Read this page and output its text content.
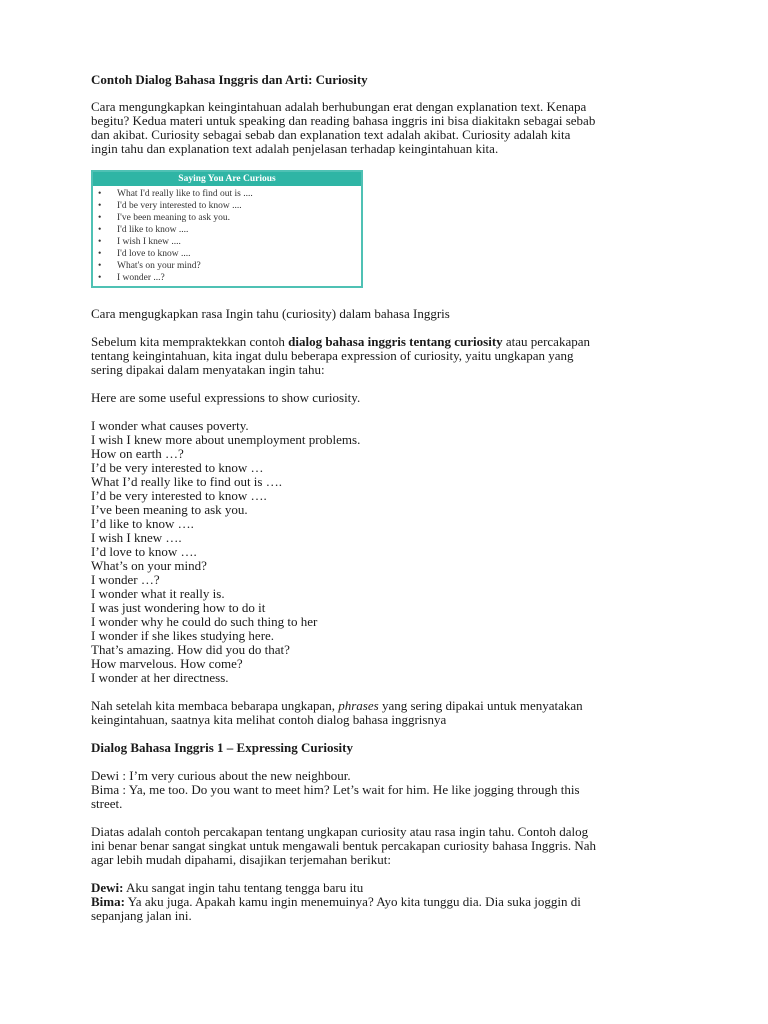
Contoh Dialog Bahasa Inggris dan Arti: Curiosity

Cara mengungkapkan keingintahuan adalah berhubungan erat dengan explanation text. Kenapa
begitu? Kedua materi untuk speaking dan reading bahasa inggris ini bisa diakitakn sebagai sebab
dan akibat. Curiosity sebagai sebab dan explanation text adalah akibat. Curiosity adalah kita
ingin tahu dan explanation text adalah penjelasan terhadap keingintahuan kita.

Saying You Are Curious
• What I'd really like to find out is ....
• I'd be very interested to know ....
• I've been meaning to ask you.
• I'd like to know ....
• I wish I knew ....
• I'd love to know ....
• What's on your mind?
• I wonder ...?

Cara mengugkapkan rasa Ingin tahu (curiosity) dalam bahasa Inggris

Sebelum kita mempraktekkan contoh dialog bahasa inggris tentang curiosity atau percakapan
tentang keingintahuan, kita ingat dulu beberapa expression of curiosity, yaitu ungkapan yang
sering dipakai dalam menyatakan ingin tahu:

Here are some useful expressions to show curiosity.

I wonder what causes poverty.
I wish I knew more about unemployment problems.
How on earth …?
I’d be very interested to know …
What I’d really like to find out is ….
I’d be very interested to know ….
I’ve been meaning to ask you.
I’d like to know ….
I wish I knew ….
I’d love to know ….
What’s on your mind?
I wonder …?
I wonder what it really is.
I was just wondering how to do it
I wonder why he could do such thing to her
I wonder if she likes studying here.
That’s amazing. How did you do that?
How marvelous. How come?
I wonder at her directness.

Nah setelah kita membaca bebarapa ungkapan, phrases yang sering dipakai untuk menyatakan
keingintahuan, saatnya kita melihat contoh dialog bahasa inggrisnya

Dialog Bahasa Inggris 1 – Expressing Curiosity

Dewi : I’m very curious about the new neighbour.
Bima : Ya, me too. Do you want to meet him? Let’s wait for him. He like jogging through this
street.

Diatas adalah contoh percakapan tentang ungkapan curiosity atau rasa ingin tahu. Contoh dalog
ini benar benar sangat singkat untuk mengawali bentuk percakapan curiosity bahasa Inggris. Nah
agar lebih mudah dipahami, disajikan terjemahan berikut:

Dewi: Aku sangat ingin tahu tentang tengga baru itu
Bima: Ya aku juga. Apakah kamu ingin menemuinya? Ayo kita tunggu dia. Dia suka joggin di
sepanjang jalan ini.
